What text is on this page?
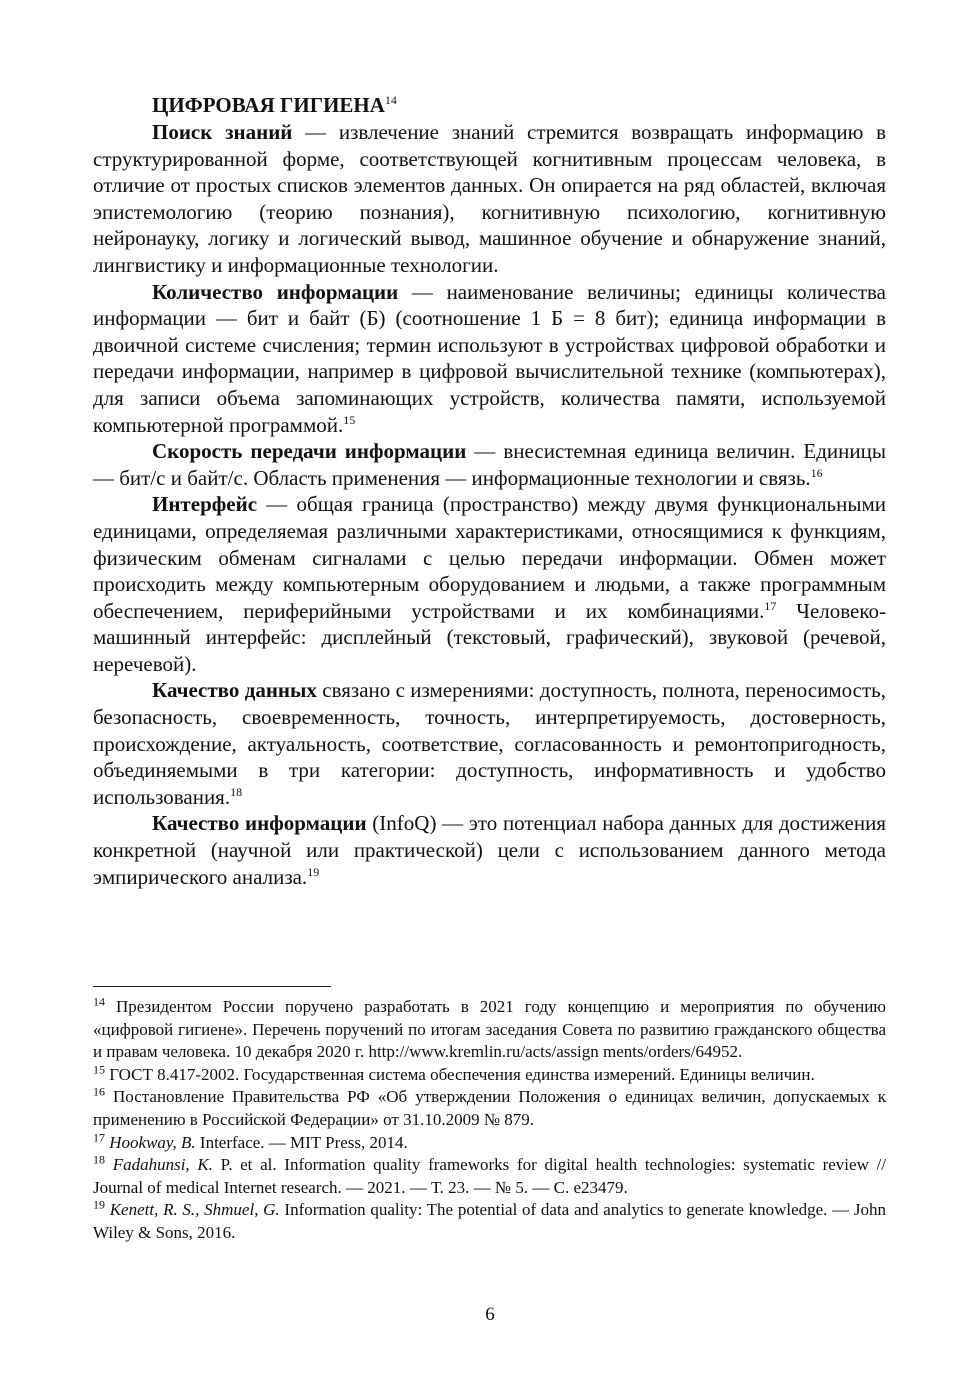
ЦИФРОВАЯ ГИГИЕНА$^{14}$

Поиск знаний — извлечение знаний стремится возвращать информацию в структурированной форме, соответствующей когнитивным процессам человека, в отличие от простых списков элементов данных. Он опирается на ряд областей, включая эпистемологию (теорию познания), когнитивную психологию, когнитивную нейронауку, логику и логический вывод, машинное обучение и обнаружение знаний, лингвистику и информационные технологии.

Количество информации — наименование величины; единицы количества информации — бит и байт (Б) (соотношение 1 Б = 8 бит); единица информации в двоичной системе счисления; термин используют в устройствах цифровой обработки и передачи информации, например в цифровой вычислительной технике (компьютерах), для записи объема запоминающих устройств, количества памяти, используемой компьютерной программой.$^{15}$

Скорость передачи информации — внесистемная единица величин. Единицы — бит/с и байт/с. Область применения — информационные технологии и связь.$^{16}$

Интерфейс — общая граница (пространство) между двумя функциональными единицами, определяемая различными характеристиками, относящимися к функциям, физическим обменам сигналами с целью передачи информации. Обмен может происходить между компьютерным оборудованием и людьми, а также программным обеспечением, периферийными устройствами и их комбинациями.$^{17}$ Человеко-машинный интерфейс: дисплейный (текстовый, графический), звуковой (речевой, неречевой).

Качество данных связано с измерениями: доступность, полнота, переносимость, безопасность, своевременность, точность, интерпретируемость, достоверность, происхождение, актуальность, соответствие, согласованность и ремонтопригодность, объединяемыми в три категории: доступность, информативность и удобство использования.$^{18}$

Качество информации (InfoQ) — это потенциал набора данных для достижения конкретной (научной или практической) цели с использованием данного метода эмпирического анализа.$^{19}$

$^{14}$ Президентом России поручено разработать в 2021 году концепцию и мероприятия по обучению «цифровой гигиене». Перечень поручений по итогам заседания Совета по развитию гражданского общества и правам человека. 10 декабря 2020 г. http://www.kremlin.ru/acts/assign ments/orders/64952.

$^{15}$ ГОСТ 8.417-2002. Государственная система обеспечения единства измерений. Единицы величин.

$^{16}$ Постановление Правительства РФ «Об утверждении Положения о единицах величин, допускаемых к применению в Российской Федерации» от 31.10.2009 № 879.

$^{17}$ Hookway, B. Interface. — MIT Press, 2014.

$^{18}$ Fadahunsi, K. P. et al. Information quality frameworks for digital health technologies: systematic review // Journal of medical Internet research. — 2021. — Т. 23. — № 5. — С. e23479.

$^{19}$ Kenett, R. S., Shmuel, G. Information quality: The potential of data and analytics to generate knowledge. — John Wiley & Sons, 2016.

6
